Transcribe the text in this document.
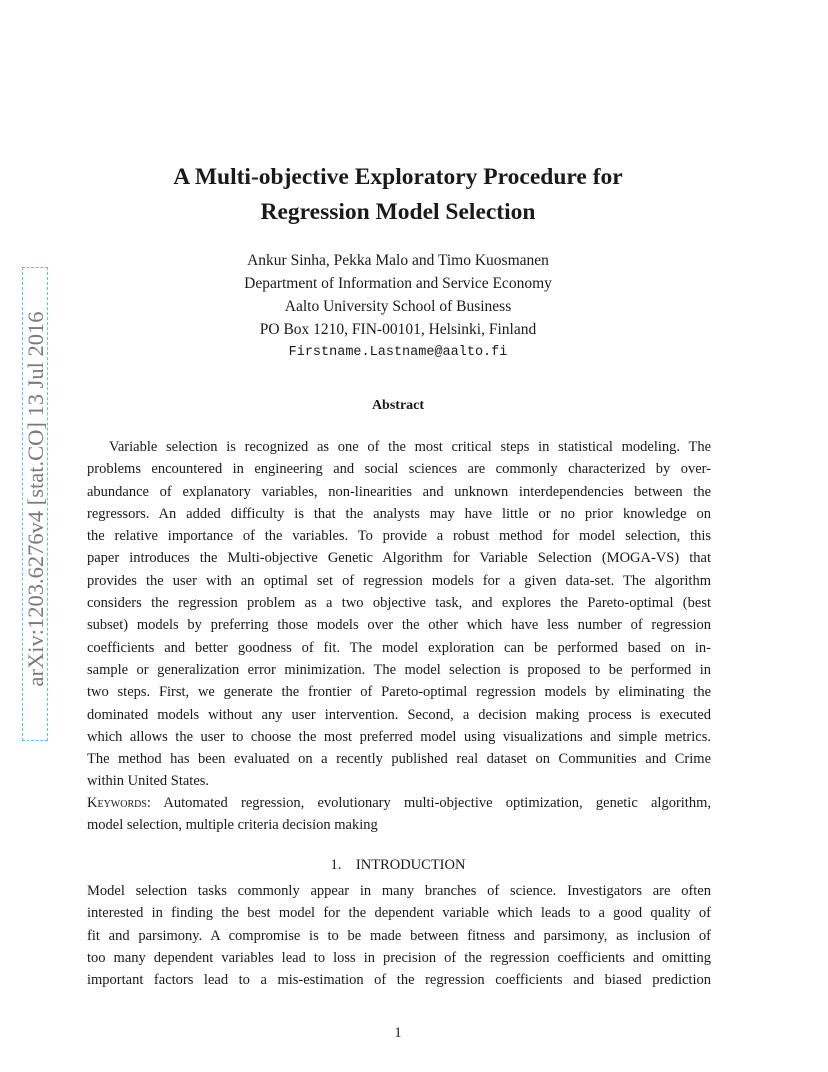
arXiv:1203.6276v4 [stat.CO] 13 Jul 2016
A Multi-objective Exploratory Procedure for
Regression Model Selection
Ankur Sinha, Pekka Malo and Timo Kuosmanen
Department of Information and Service Economy
Aalto University School of Business
PO Box 1210, FIN-00101, Helsinki, Finland
Firstname.Lastname@aalto.fi
Abstract
Variable selection is recognized as one of the most critical steps in statistical modeling. The
problems encountered in engineering and social sciences are commonly characterized by over-
abundance of explanatory variables, non-linearities and unknown interdependencies between the
regressors. An added difficulty is that the analysts may have little or no prior knowledge on
the relative importance of the variables. To provide a robust method for model selection, this
paper introduces the Multi-objective Genetic Algorithm for Variable Selection (MOGA-VS) that
provides the user with an optimal set of regression models for a given data-set. The algorithm
considers the regression problem as a two objective task, and explores the Pareto-optimal (best
subset) models by preferring those models over the other which have less number of regression
coefficients and better goodness of fit. The model exploration can be performed based on in-
sample or generalization error minimization. The model selection is proposed to be performed in
two steps. First, we generate the frontier of Pareto-optimal regression models by eliminating the
dominated models without any user intervention. Second, a decision making process is executed
which allows the user to choose the most preferred model using visualizations and simple metrics.
The method has been evaluated on a recently published real dataset on Communities and Crime
within United States.
Keywords: Automated regression, evolutionary multi-objective optimization, genetic algorithm,
model selection, multiple criteria decision making
1.    INTRODUCTION
Model selection tasks commonly appear in many branches of science. Investigators are often
interested in finding the best model for the dependent variable which leads to a good quality of
fit and parsimony. A compromise is to be made between fitness and parsimony, as inclusion of
too many dependent variables lead to loss in precision of the regression coefficients and omitting
important factors lead to a mis-estimation of the regression coefficients and biased prediction
1
